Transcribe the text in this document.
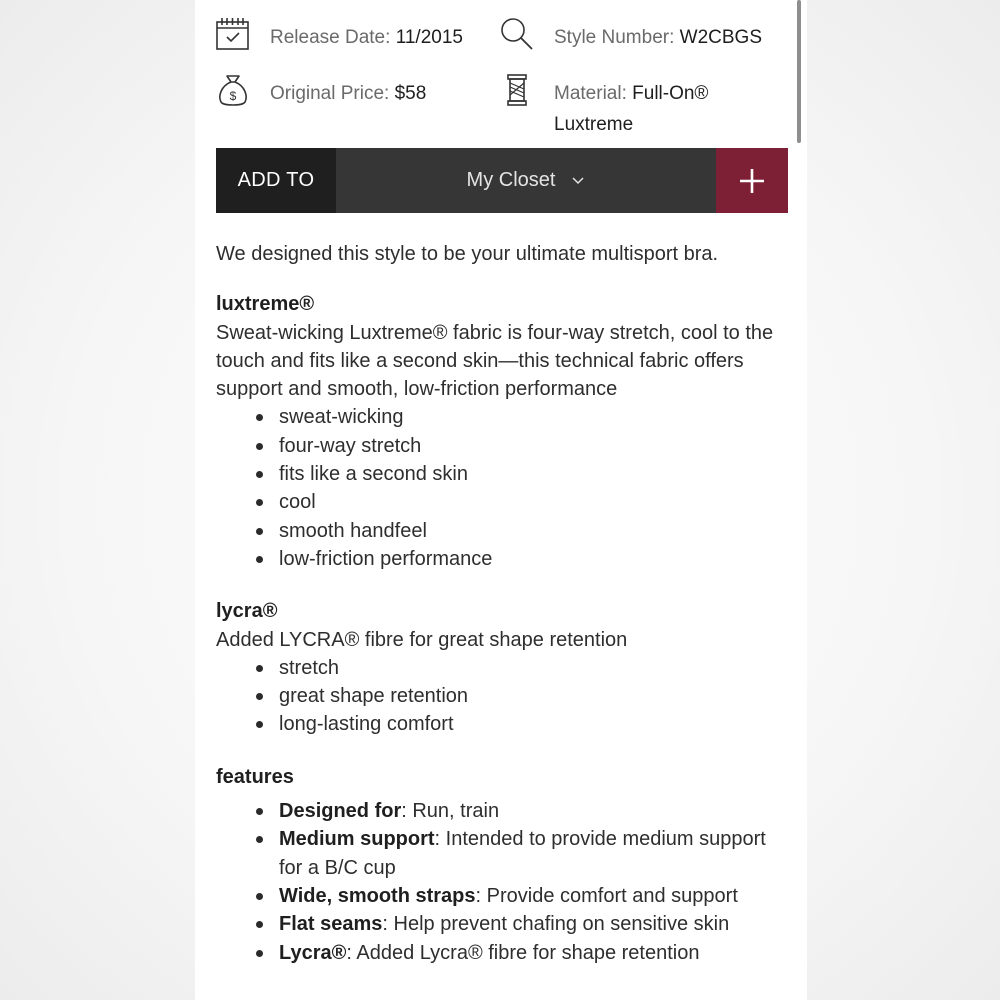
Release Date: 11/2015	Style Number: W2CBGS
$ Original Price: $58	Material: Full-On® Luxtreme
ADD TO	My Closet

We designed this style to be your ultimate multisport bra.

luxtreme®

Sweat-wicking Luxtreme® fabric is four-way stretch, cool to the touch and fits like a second skin—this technical fabric offers support and smooth, low-friction performance

sweat-wicking
four-way stretch
fits like a second skin
cool
smooth handfeel
low-friction performance

lycra®

Added LYCRA® fibre for great shape retention

stretch
great shape retention
long-lasting comfort

features

Designed for: Run, train
Medium support: Intended to provide medium support for a B/C cup
Wide, smooth straps: Provide comfort and support
Flat seams: Help prevent chafing on sensitive skin
Lycra®: Added Lycra® fibre for shape retention
